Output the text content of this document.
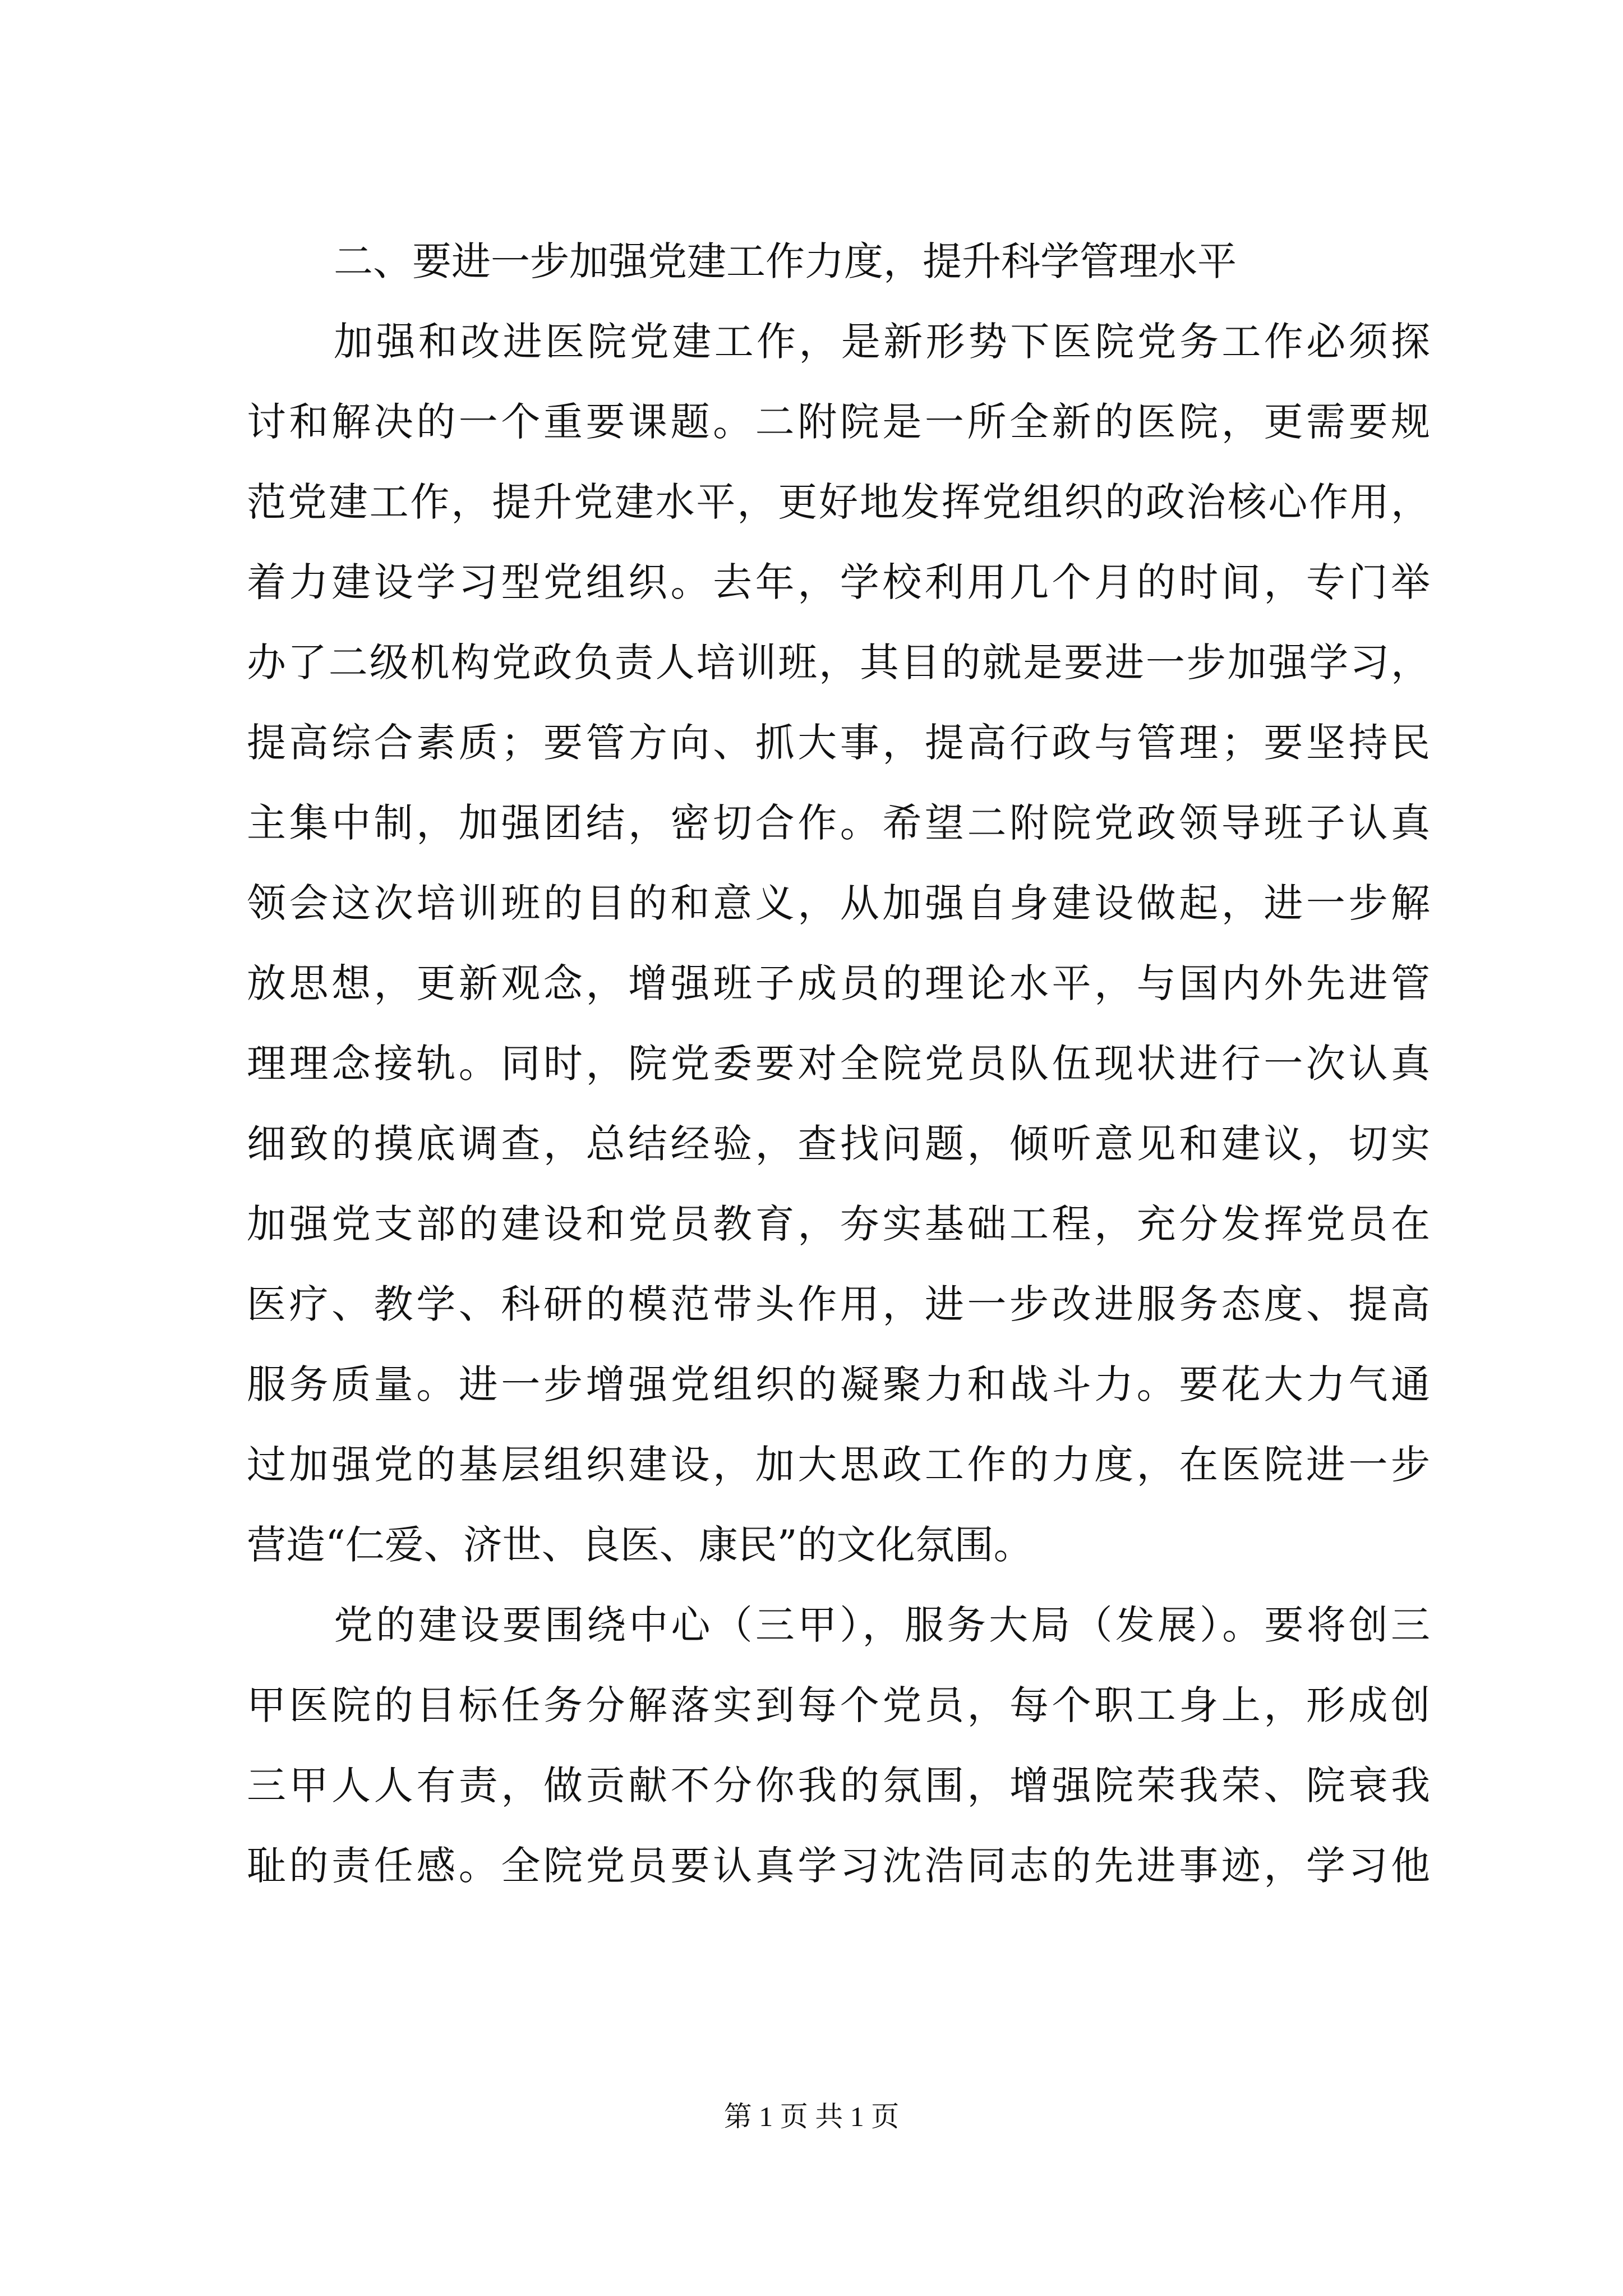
二、要进一步加强党建工作力度，提升科学管理水平
加强和改进医院党建工作，是新形势下医院党务工作必须探
讨和解决的一个重要课题。二附院是一所全新的医院，更需要规
范党建工作，提升党建水平，更好地发挥党组织的政治核心作用，
着力建设学习型党组织。去年，学校利用几个月的时间，专门举
办了二级机构党政负责人培训班，其目的就是要进一步加强学习，
提高综合素质；要管方向、抓大事，提高行政与管理；要坚持民
主集中制，加强团结，密切合作。希望二附院党政领导班子认真
领会这次培训班的目的和意义，从加强自身建设做起，进一步解
放思想，更新观念，增强班子成员的理论水平，与国内外先进管
理理念接轨。同时，院党委要对全院党员队伍现状进行一次认真
细致的摸底调查，总结经验，查找问题，倾听意见和建议，切实
加强党支部的建设和党员教育，夯实基础工程，充分发挥党员在
医疗、教学、科研的模范带头作用，进一步改进服务态度、提高
服务质量。进一步增强党组织的凝聚力和战斗力。要花大力气通
过加强党的基层组织建设，加大思政工作的力度，在医院进一步
营造“仁爱、济世、良医、康民”的文化氛围。
党的建设要围绕中心（三甲），服务大局（发展）。要将创三
甲医院的目标任务分解落实到每个党员，每个职工身上，形成创
三甲人人有责，做贡献不分你我的氛围，增强院荣我荣、院衰我
耻的责任感。全院党员要认真学习沈浩同志的先进事迹，学习他
第 1 页 共 1 页
